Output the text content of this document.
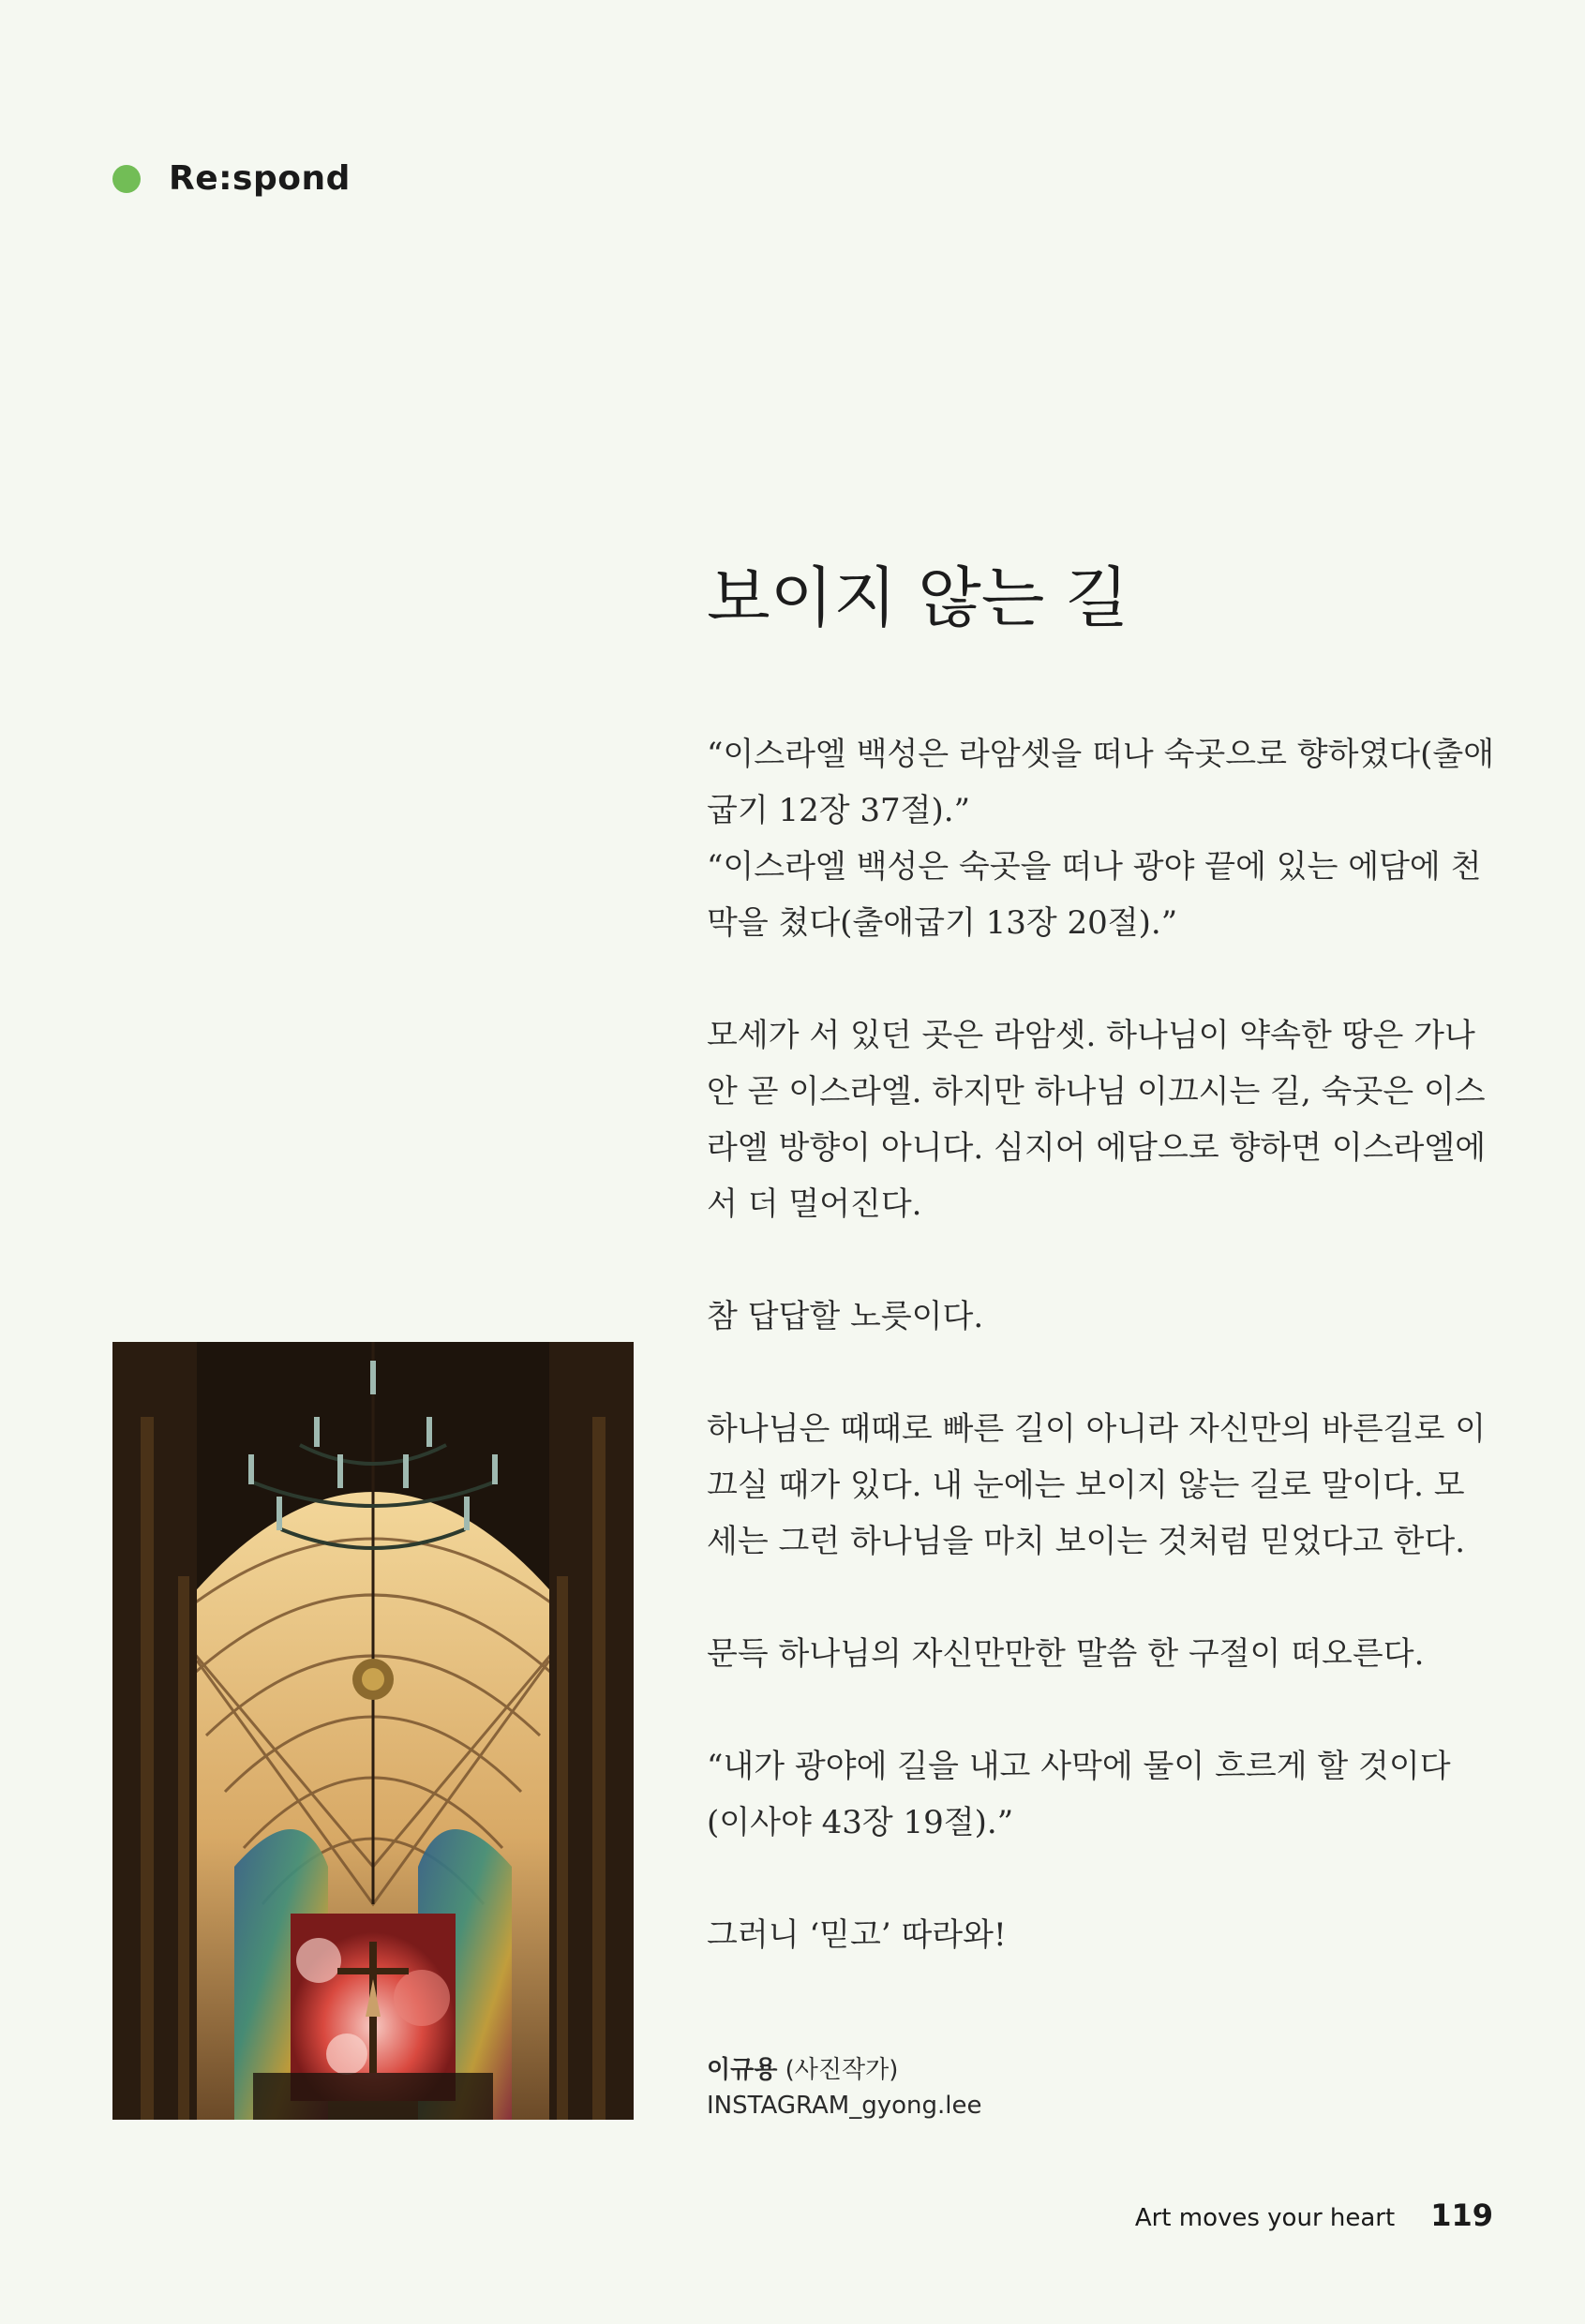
Re:spond
보이지 않는 길

“이스라엘 백성은 라암셋을 떠나 숙곳으로 향하였다(출애
굽기 12장 37절).”
“이스라엘 백성은 숙곳을 떠나 광야 끝에 있는 에담에 천
막을 쳤다(출애굽기 13장 20절).”

모세가 서 있던 곳은 라암셋. 하나님이 약속한 땅은 가나
안 곧 이스라엘. 하지만 하나님 이끄시는 길, 숙곳은 이스
라엘 방향이 아니다. 심지어 에담으로 향하면 이스라엘에
서 더 멀어진다.

참 답답할 노릇이다.

하나님은 때때로 빠른 길이 아니라 자신만의 바른길로 이
끄실 때가 있다. 내 눈에는 보이지 않는 길로 말이다. 모
세는 그런 하나님을 마치 보이는 것처럼 믿었다고 한다.

문득 하나님의 자신만만한 말씀 한 구절이 떠오른다.

“내가 광야에 길을 내고 사막에 물이 흐르게 할 것이다
(이사야 43장 19절).”

그러니 ‘믿고’ 따라와!

이규용 (사진작가)
INSTAGRAM_gyong.lee
Art moves your heart 119
